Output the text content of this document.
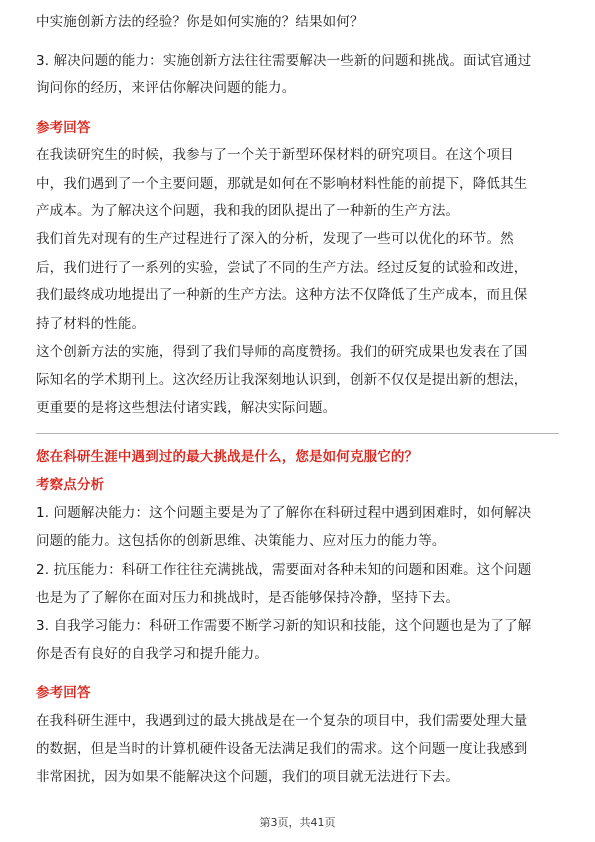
中实施创新方法的经验？你是如何实施的？结果如何？
3. 解决问题的能力：实施创新方法往往需要解决一些新的问题和挑战。面试官通过
询问你的经历，来评估你解决问题的能力。
参考回答
在我读研究生的时候，我参与了一个关于新型环保材料的研究项目。在这个项目
中，我们遇到了一个主要问题，那就是如何在不影响材料性能的前提下，降低其生
产成本。为了解决这个问题，我和我的团队提出了一种新的生产方法。
我们首先对现有的生产过程进行了深入的分析，发现了一些可以优化的环节。然
后，我们进行了一系列的实验，尝试了不同的生产方法。经过反复的试验和改进，
我们最终成功地提出了一种新的生产方法。这种方法不仅降低了生产成本，而且保
持了材料的性能。
这个创新方法的实施，得到了我们导师的高度赞扬。我们的研究成果也发表在了国
际知名的学术期刊上。这次经历让我深刻地认识到，创新不仅仅是提出新的想法，
更重要的是将这些想法付诸实践，解决实际问题。
您在科研生涯中遇到过的最大挑战是什么，您是如何克服它的？
考察点分析
1. 问题解决能力：这个问题主要是为了了解你在科研过程中遇到困难时，如何解决
问题的能力。这包括你的创新思维、决策能力、应对压力的能力等。
2. 抗压能力：科研工作往往充满挑战，需要面对各种未知的问题和困难。这个问题
也是为了了解你在面对压力和挑战时，是否能够保持冷静，坚持下去。
3. 自我学习能力：科研工作需要不断学习新的知识和技能，这个问题也是为了了解
你是否有良好的自我学习和提升能力。
参考回答
在我科研生涯中，我遇到过的最大挑战是在一个复杂的项目中，我们需要处理大量
的数据，但是当时的计算机硬件设备无法满足我们的需求。这个问题一度让我感到
非常困扰，因为如果不能解决这个问题，我们的项目就无法进行下去。
第3页，共41页
